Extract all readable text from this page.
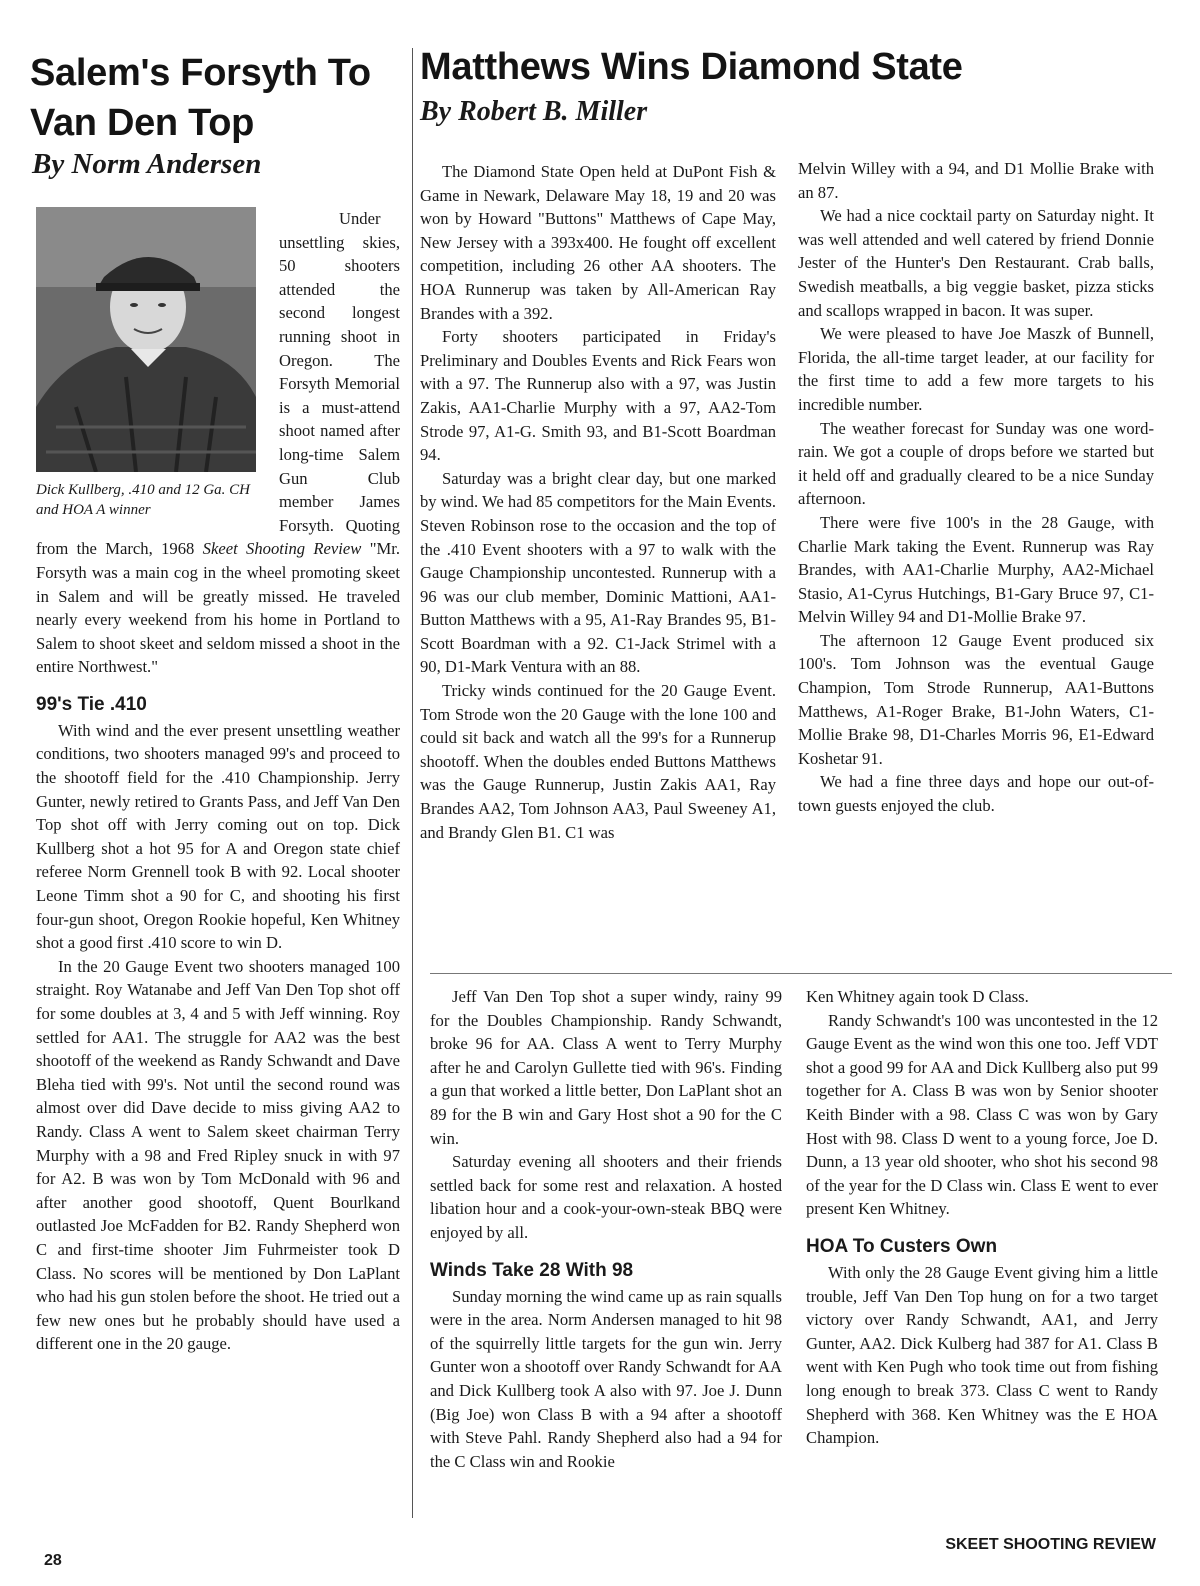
Salem's Forsyth To
Van Den Top
By Norm Andersen
Dick Kullberg, .410 and 12 Ga. CH and HOA A winner

Under unsettling skies, 50 shooters attended the second longest running shoot in Oregon. The Forsyth Memorial is a must-attend shoot named after long-time Salem Gun Club member James Forsyth. Quoting from the March, 1968 Skeet Shooting Review "Mr. Forsyth was a main cog in the wheel promoting skeet in Salem and will be greatly missed. He traveled nearly every weekend from his home in Portland to Salem to shoot skeet and seldom missed a shoot in the entire Northwest."

99's Tie .410

With wind and the ever present unsettling weather conditions, two shooters managed 99's and proceed to the shootoff field for the .410 Championship. Jerry Gunter, newly retired to Grants Pass, and Jeff Van Den Top shot off with Jerry coming out on top. Dick Kullberg shot a hot 95 for A and Oregon state chief referee Norm Grennell took B with 92. Local shooter Leone Timm shot a 90 for C, and shooting his first four-gun shoot, Oregon Rookie hopeful, Ken Whitney shot a good first .410 score to win D.

In the 20 Gauge Event two shooters managed 100 straight. Roy Watanabe and Jeff Van Den Top shot off for some doubles at 3, 4 and 5 with Jeff winning. Roy settled for AA1. The struggle for AA2 was the best shootoff of the weekend as Randy Schwandt and Dave Bleha tied with 99's. Not until the second round was almost over did Dave decide to miss giving AA2 to Randy. Class A went to Salem skeet chairman Terry Murphy with a 98 and Fred Ripley snuck in with 97 for A2. B was won by Tom McDonald with 96 and after another good shootoff, Quent Bourlkand outlasted Joe McFadden for B2. Randy Shepherd won C and first-time shooter Jim Fuhrmeister took D Class. No scores will be mentioned by Don LaPlant who had his gun stolen before the shoot. He tried out a few new ones but he probably should have used a different one in the 20 gauge.

Matthews Wins Diamond State
By Robert B. Miller

The Diamond State Open held at DuPont Fish & Game in Newark, Delaware May 18, 19 and 20 was won by Howard "Buttons" Matthews of Cape May, New Jersey with a 393x400. He fought off excellent competition, including 26 other AA shooters. The HOA Runnerup was taken by All-American Ray Brandes with a 392.

Forty shooters participated in Friday's Preliminary and Doubles Events and Rick Fears won with a 97. The Runnerup also with a 97, was Justin Zakis, AA1-Charlie Murphy with a 97, AA2-Tom Strode 97, A1-G. Smith 93, and B1-Scott Boardman 94.

Saturday was a bright clear day, but one marked by wind. We had 85 competitors for the Main Events. Steven Robinson rose to the occasion and the top of the .410 Event shooters with a 97 to walk with the Gauge Championship uncontested. Runnerup with a 96 was our club member, Dominic Mattioni, AA1-Button Matthews with a 95, A1-Ray Brandes 95, B1-Scott Boardman with a 92. C1-Jack Strimel with a 90, D1-Mark Ventura with an 88.

Tricky winds continued for the 20 Gauge Event. Tom Strode won the 20 Gauge with the lone 100 and could sit back and watch all the 99's for a Runnerup shootoff. When the doubles ended Buttons Matthews was the Gauge Runnerup, Justin Zakis AA1, Ray Brandes AA2, Tom Johnson AA3, Paul Sweeney A1, and Brandy Glen B1. C1 was

Melvin Willey with a 94, and D1 Mollie Brake with an 87.

We had a nice cocktail party on Saturday night. It was well attended and well catered by friend Donnie Jester of the Hunter's Den Restaurant. Crab balls, Swedish meatballs, a big veggie basket, pizza sticks and scallops wrapped in bacon. It was super.

We were pleased to have Joe Maszk of Bunnell, Florida, the all-time target leader, at our facility for the first time to add a few more targets to his incredible number.

The weather forecast for Sunday was one word-rain. We got a couple of drops before we started but it held off and gradually cleared to be a nice Sunday afternoon.

There were five 100's in the 28 Gauge, with Charlie Mark taking the Event. Runnerup was Ray Brandes, with AA1-Charlie Murphy, AA2-Michael Stasio, A1-Cyrus Hutchings, B1-Gary Bruce 97, C1-Melvin Willey 94 and D1-Mollie Brake 97.

The afternoon 12 Gauge Event produced six 100's. Tom Johnson was the eventual Gauge Champion, Tom Strode Runnerup, AA1-Buttons Matthews, A1-Roger Brake, B1-John Waters, C1-Mollie Brake 98, D1-Charles Morris 96, E1-Edward Koshetar 91.

We had a fine three days and hope our out-of-town guests enjoyed the club.

Jeff Van Den Top shot a super windy, rainy 99 for the Doubles Championship. Randy Schwandt, broke 96 for AA. Class A went to Terry Murphy after he and Carolyn Gullette tied with 96's. Finding a gun that worked a little better, Don LaPlant shot an 89 for the B win and Gary Host shot a 90 for the C win.

Saturday evening all shooters and their friends settled back for some rest and relaxation. A hosted libation hour and a cook-your-own-steak BBQ were enjoyed by all.

Winds Take 28 With 98

Sunday morning the wind came up as rain squalls were in the area. Norm Andersen managed to hit 98 of the squirrelly little targets for the gun win. Jerry Gunter won a shootoff over Randy Schwandt for AA and Dick Kullberg took A also with 97. Joe J. Dunn (Big Joe) won Class B with a 94 after a shootoff with Steve Pahl. Randy Shepherd also had a 94 for the C Class win and Rookie

Ken Whitney again took D Class.

Randy Schwandt's 100 was uncontested in the 12 Gauge Event as the wind won this one too. Jeff VDT shot a good 99 for AA and Dick Kullberg also put 99 together for A. Class B was won by Senior shooter Keith Binder with a 98. Class C was won by Gary Host with 98. Class D went to a young force, Joe D. Dunn, a 13 year old shooter, who shot his second 98 of the year for the D Class win. Class E went to ever present Ken Whitney.

HOA To Custers Own

With only the 28 Gauge Event giving him a little trouble, Jeff Van Den Top hung on for a two target victory over Randy Schwandt, AA1, and Jerry Gunter, AA2. Dick Kulberg had 387 for A1. Class B went with Ken Pugh who took time out from fishing long enough to break 373. Class C went to Randy Shepherd with 368. Ken Whitney was the E HOA Champion.

28
SKEET SHOOTING REVIEW
